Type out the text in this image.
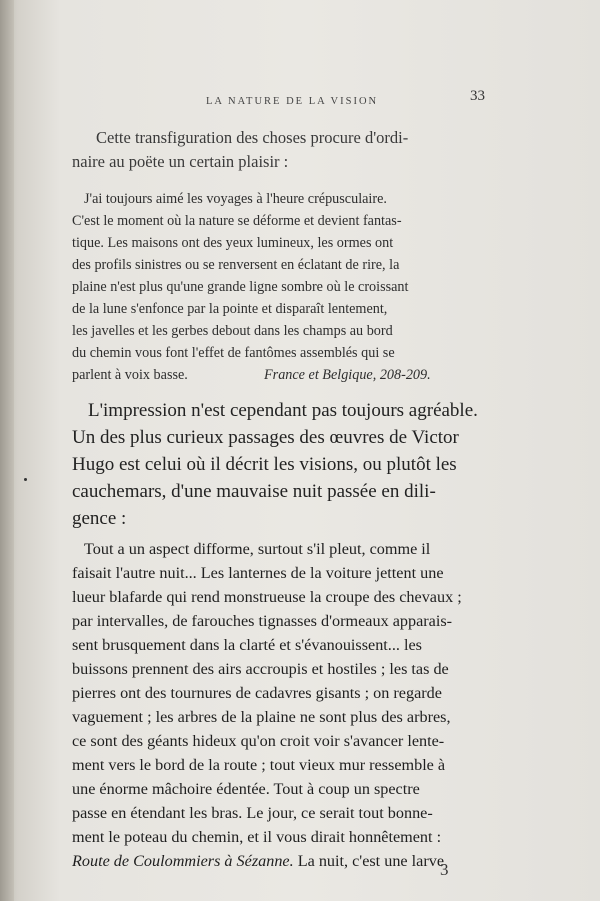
LA NATURE DE LA VISION	33
Cette transfiguration des choses procure d'ordi-
naire au poëte un certain plaisir :
J'ai toujours aimé les voyages à l'heure crépusculaire.
C'est le moment où la nature se déforme et devient fantas-
tique. Les maisons ont des yeux lumineux, les ormes ont
des profils sinistres ou se renversent en éclatant de rire, la
plaine n'est plus qu'une grande ligne sombre où le croissant
de la lune s'enfonce par la pointe et disparaît lentement,
les javelles et les gerbes debout dans les champs au bord
du chemin vous font l'effet de fantômes assemblés qui se
parlent à voix basse.	France et Belgique, 208-209.
L'impression n'est cependant pas toujours agréable.
Un des plus curieux passages des œuvres de Victor
Hugo est celui où il décrit les visions, ou plutôt les
cauchemars, d'une mauvaise nuit passée en dili-
gence :
Tout a un aspect difforme, surtout s'il pleut, comme il
faisait l'autre nuit... Les lanternes de la voiture jettent une
lueur blafarde qui rend monstrueuse la croupe des chevaux ;
par intervalles, de farouches tignasses d'ormeaux apparais-
sent brusquement dans la clarté et s'évanouissent... les
buissons prennent des airs accroupis et hostiles ; les tas de
pierres ont des tournures de cadavres gisants ; on regarde
vaguement ; les arbres de la plaine ne sont plus des arbres,
ce sont des géants hideux qu'on croit voir s'avancer lente-
ment vers le bord de la route ; tout vieux mur ressemble à
une énorme mâchoire édentée. Tout à coup un spectre
passe en étendant les bras. Le jour, ce serait tout bonne-
ment le poteau du chemin, et il vous dirait honnêtement :
Route de Coulommiers à Sézanne. La nuit, c'est une larve
3
